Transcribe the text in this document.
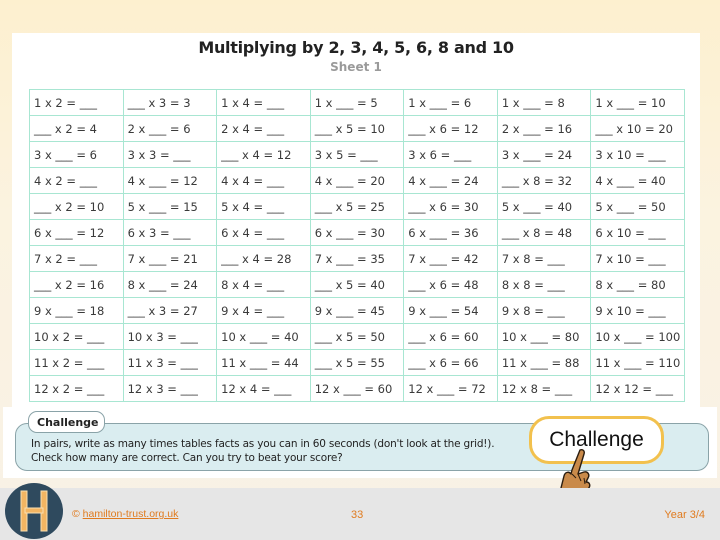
Multiplying by 2, 3, 4, 5, 6, 8 and 10
Sheet 1
1 x 2 = ___	___ x 3 = 3	1 x 4 = ___	1 x ___ = 5	1 x ___ = 6	1 x ___ = 8	1 x ___ = 10
___ x 2 = 4	2 x ___ = 6	2 x 4 = ___	___ x 5 = 10	___ x 6 = 12	2 x ___ = 16	___ x 10 = 20
3 x ___ = 6	3 x 3 = ___	___ x 4 = 12	3 x 5 = ___	3 x 6 = ___	3 x ___ = 24	3 x 10 = ___
4 x 2 = ___	4 x ___ = 12	4 x 4 = ___	4 x ___ = 20	4 x ___ = 24	___ x 8 = 32	4 x ___ = 40
___ x 2 = 10	5 x ___ = 15	5 x 4 = ___	___ x 5 = 25	___ x 6 = 30	5 x ___ = 40	5 x ___ = 50
6 x ___ = 12	6 x 3 = ___	6 x 4 = ___	6 x ___ = 30	6 x ___ = 36	___ x 8 = 48	6 x 10 = ___
7 x 2 = ___	7 x ___ = 21	___ x 4 = 28	7 x ___ = 35	7 x ___ = 42	7 x 8 = ___	7 x 10 = ___
___ x 2 = 16	8 x ___ = 24	8 x 4 = ___	___ x 5 = 40	___ x 6 = 48	8 x 8 = ___	8 x ___ = 80
9 x ___ = 18	___ x 3 = 27	9 x 4 = ___	9 x ___ = 45	9 x ___ = 54	9 x 8 = ___	9 x 10 = ___
10 x 2 = ___	10 x 3 = ___	10 x ___ = 40	___ x 5 = 50	___ x 6 = 60	10 x ___ = 80	10 x ___ = 100
11 x 2 = ___	11 x 3 = ___	11 x ___ = 44	___ x 5 = 55	___ x 6 = 66	11 x ___ = 88	11 x ___ = 110
12 x 2 = ___	12 x 3 = ___	12 x 4 = ___	12 x ___ = 60	12 x ___ = 72	12 x 8 = ___	12 x 12 = ___
Challenge
In pairs, write as many times tables facts as you can in 60 seconds (don't look at the grid!).
Check how many are correct. Can you try to beat your score?
Challenge
© hamilton-trust.org.uk	33	Year 3/4
